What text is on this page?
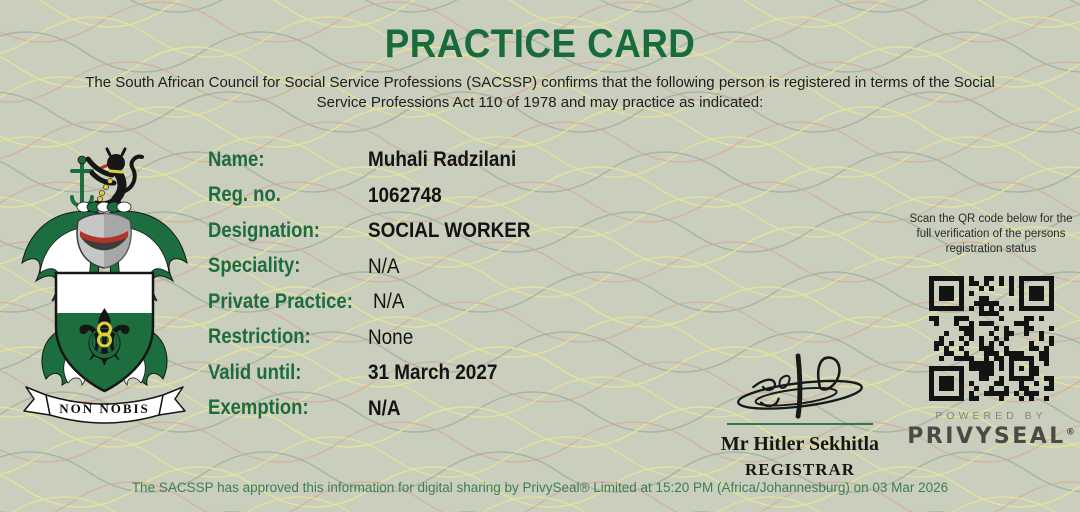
PRACTICE CARD
The South African Council for Social Service Professions (SACSSP) confirms that the following person is registered in terms of the Social
Service Professions Act 110 of 1978 and may practice as indicated:
⚜
NON NOBIS
Name:	Muhali Radzilani
Reg. no.	1062748
Designation:	SOCIAL WORKER
Speciality:	N/A
Private Practice: N/A
Restriction:	None
Valid until:	31 March 2027
Exemption:	N/A
Mr Hitler Sekhitla
REGISTRAR
Scan the QR code below for the full verification of the persons registration status
POWERED BY
PRIVYSEAL®
The SACSSP has approved this information for digital sharing by PrivySeal® Limited at 15:20 PM (Africa/Johannesburg) on 03 Mar 2026
